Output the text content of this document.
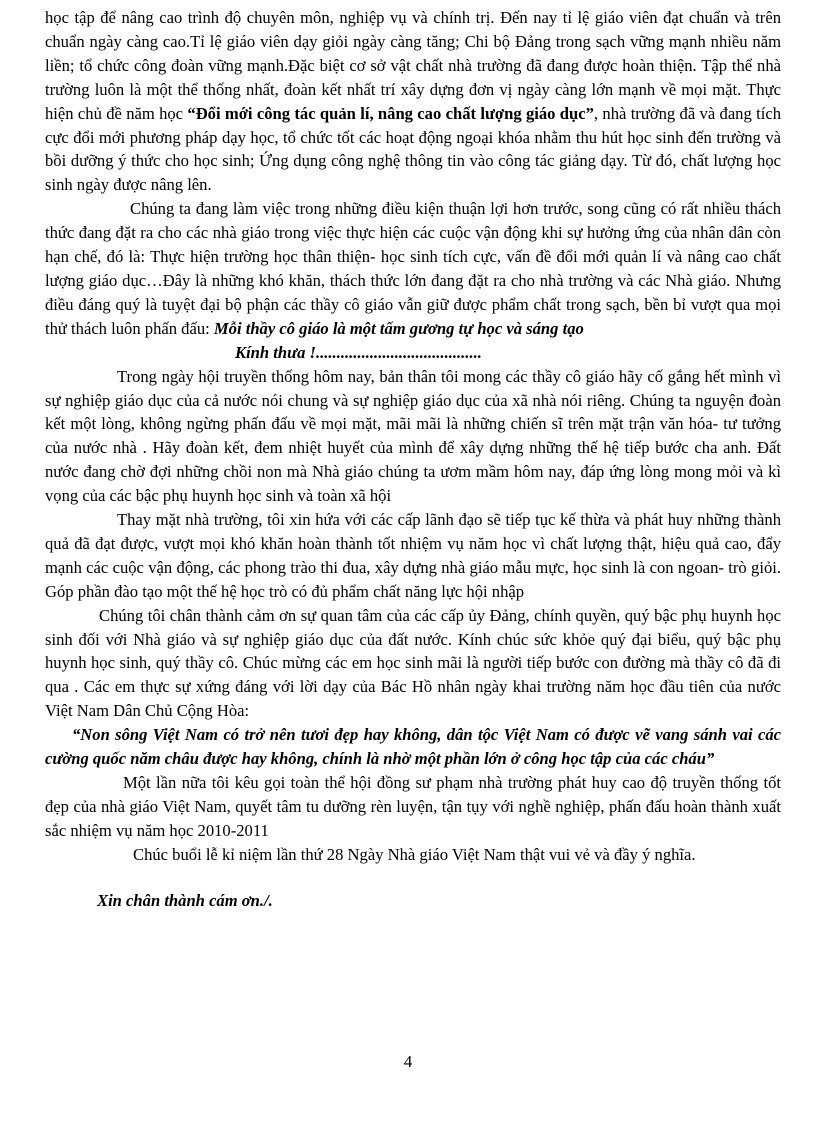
học tập để nâng cao trình độ chuyên môn, nghiệp vụ và chính trị. Đến nay tỉ lệ giáo viên đạt chuẩn và trên chuẩn ngày càng cao.Tỉ lệ giáo viên dạy giỏi ngày càng tăng; Chi bộ Đảng trong sạch vững mạnh nhiều năm liền; tổ chức công đoàn vững mạnh.Đặc biệt cơ sở vật chất nhà trường đã đang được hoàn thiện. Tập thể nhà trường luôn là một thể thống nhất, đoàn kết nhất trí xây dựng đơn vị ngày càng lớn mạnh về mọi mặt. Thực hiện chủ đề năm học “Đổi mới công tác quản lí, nâng cao chất lượng giáo dục”, nhà trường đã và đang tích cực đổi mới phương pháp dạy học, tổ chức tốt các hoạt động ngoại khóa nhằm thu hút học sinh đến trường và bồi dưỡng ý thức cho học sinh; Ứng dụng công nghệ thông tin vào công tác giảng dạy. Từ đó, chất lượng học sinh ngày được nâng lên.

Chúng ta đang làm việc trong những điều kiện thuận lợi hơn trước, song cũng có rất nhiều thách thức đang đặt ra cho các nhà giáo trong việc thực hiện các cuộc vận động khi sự hưởng ứng của nhân dân còn hạn chế, đó là: Thực hiện trường học thân thiện- học sinh tích cực, vấn đề đổi mới quản lí và nâng cao chất lượng giáo dục…Đây là những khó khăn, thách thức lớn đang đặt ra cho nhà trường và các Nhà giáo. Nhưng điều đáng quý là tuyệt đại bộ phận các thầy cô giáo vẫn giữ được phẩm chất trong sạch, bền bỉ vượt qua mọi thử thách luôn phấn đấu: Mỗi thầy cô giáo là một tấm gương tự học và sáng tạo

Kính thưa !........................................

Trong ngày hội truyền thống hôm nay, bản thân tôi mong các thầy cô giáo hãy cố gắng hết mình vì sự nghiệp giáo dục của cả nước nói chung và sự nghiệp giáo dục của xã nhà nói riêng. Chúng ta nguyện đoàn kết một lòng, không ngừng phấn đấu về mọi mặt, mãi mãi là những chiến sĩ trên mặt trận văn hóa- tư tưởng của nước nhà . Hãy đoàn kết, đem nhiệt huyết của mình để xây dựng những thế hệ tiếp bước cha anh. Đất nước đang chờ đợi những chồi non mà Nhà giáo chúng ta ươm mầm hôm nay, đáp ứng lòng mong mỏi và kì vọng của các bậc phụ huynh học sinh và toàn xã hội

Thay mặt nhà trường, tôi xin hứa với các cấp lãnh đạo sẽ tiếp tục kế thừa và phát huy những thành quả đã đạt được, vượt mọi khó khăn hoàn thành tốt nhiệm vụ năm học vì chất lượng thật, hiệu quả cao, đẩy mạnh các cuộc vận động, các phong trào thi đua, xây dựng nhà giáo mẫu mực, học sinh là con ngoan- trò giỏi. Góp phần đào tạo một thế hệ học trò có đủ phẩm chất năng lực hội nhập

Chúng tôi chân thành cảm ơn sự quan tâm của các cấp ủy Đảng, chính quyền, quý bậc phụ huynh học sinh đối với Nhà giáo và sự nghiệp giáo dục của đất nước. Kính chúc sức khỏe quý đại biểu, quý bậc phụ huynh học sinh, quý thầy cô. Chúc mừng các em học sinh mãi là người tiếp bước con đường mà thầy cô đã đi qua . Các em thực sự xứng đáng với lời dạy của Bác Hồ nhân ngày khai trường năm học đầu tiên của nước Việt Nam Dân Chủ Cộng Hòa:

“Non sông Việt Nam có trở nên tươi đẹp hay không, dân tộc Việt Nam có được vẽ vang sánh vai các cường quốc năm châu được hay không, chính là nhờ một phần lớn ở công học tập của các cháu”

Một lần nữa tôi kêu gọi toàn thể hội đồng sư phạm nhà trường phát huy cao độ truyền thống tốt đẹp của nhà giáo Việt Nam, quyết tâm tu dưỡng rèn luyện, tận tụy với nghề nghiệp, phấn đấu hoàn thành xuất sắc nhiệm vụ năm học 2010-2011

Chúc buổi lễ kỉ niệm lần thứ 28 Ngày Nhà giáo Việt Nam thật vui vẻ và đầy ý nghĩa.

Xin chân thành cám ơn./.

4
